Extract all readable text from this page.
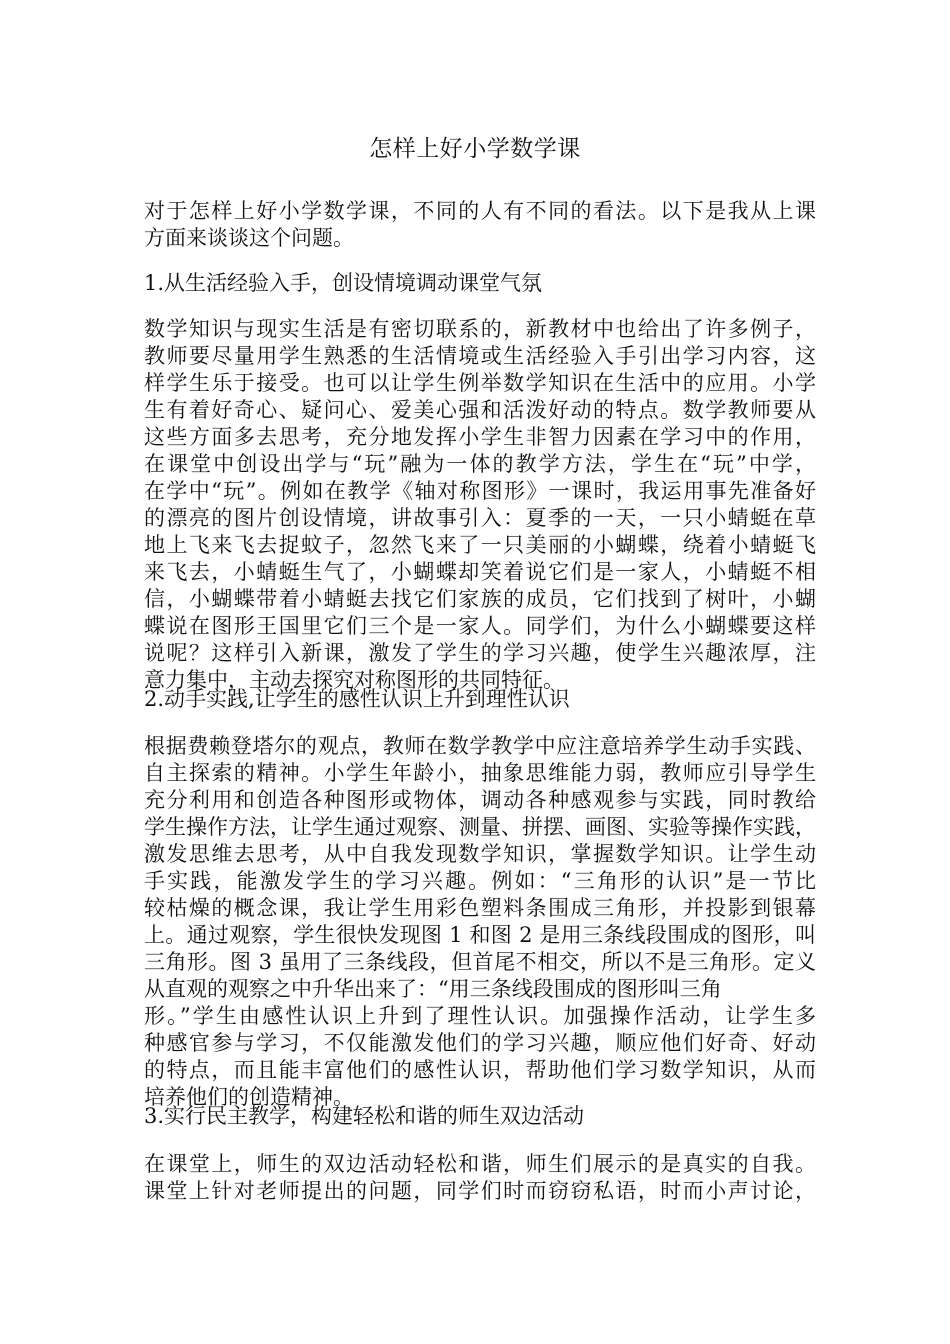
怎样上好小学数学课
对于怎样上好小学数学课，不同的人有不同的看法。以下是我从上课
方面来谈谈这个问题。
1.从生活经验入手，创设情境调动课堂气氛
数学知识与现实生活是有密切联系的，新教材中也给出了许多例子，
教师要尽量用学生熟悉的生活情境或生活经验入手引出学习内容，这
样学生乐于接受。也可以让学生例举数学知识在生活中的应用。小学
生有着好奇心、疑问心、爱美心强和活泼好动的特点。数学教师要从
这些方面多去思考，充分地发挥小学生非智力因素在学习中的作用，
在课堂中创设出学与“玩”融为一体的教学方法，学生在“玩”中学，
在学中“玩”。例如在教学《轴对称图形》一课时，我运用事先准备好
的漂亮的图片创设情境，讲故事引入：夏季的一天，一只小蜻蜓在草
地上飞来飞去捉蚊子，忽然飞来了一只美丽的小蝴蝶，绕着小蜻蜓飞
来飞去，小蜻蜓生气了，小蝴蝶却笑着说它们是一家人，小蜻蜓不相
信，小蝴蝶带着小蜻蜓去找它们家族的成员，它们找到了树叶，小蝴
蝶说在图形王国里它们三个是一家人。同学们，为什么小蝴蝶要这样
说呢？这样引入新课，激发了学生的学习兴趣，使学生兴趣浓厚，注
意力集中，主动去探究对称图形的共同特征。
2.动手实践,让学生的感性认识上升到理性认识
根据费赖登塔尔的观点，教师在数学教学中应注意培养学生动手实践、
自主探索的精神。小学生年龄小，抽象思维能力弱，教师应引导学生
充分利用和创造各种图形或物体，调动各种感观参与实践，同时教给
学生操作方法，让学生通过观察、测量、拼摆、画图、实验等操作实践，
激发思维去思考，从中自我发现数学知识，掌握数学知识。让学生动
手实践，能激发学生的学习兴趣。例如：“三角形的认识”是一节比
较枯燥的概念课，我让学生用彩色塑料条围成三角形，并投影到银幕
上。通过观察，学生很快发现图 1 和图 2 是用三条线段围成的图形，叫
三角形。图 3 虽用了三条线段，但首尾不相交，所以不是三角形。定义
从直观的观察之中升华出来了：“用三条线段围成的图形叫三角
形。”学生由感性认识上升到了理性认识。加强操作活动，让学生多
种感官参与学习，不仅能激发他们的学习兴趣，顺应他们好奇、好动
的特点，而且能丰富他们的感性认识，帮助他们学习数学知识，从而
培养他们的创造精神。
3.实行民主教学，构建轻松和谐的师生双边活动
在课堂上，师生的双边活动轻松和谐，师生们展示的是真实的自我。
课堂上针对老师提出的问题，同学们时而窃窃私语，时而小声讨论，
